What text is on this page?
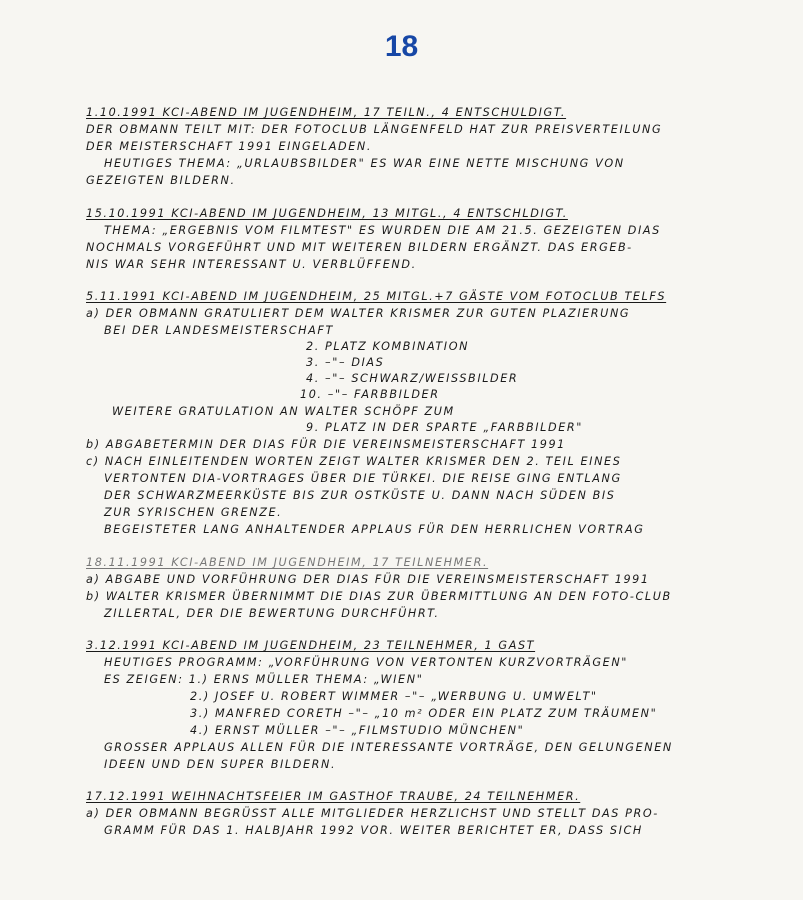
18
1.10.1991 KCI-ABEND IM JUGENDHEIM, 17 TEILN., 4 ENTSCHULDIGT.
DER OBMANN TEILT MIT: DER FOTOCLUB LÄNGENFELD HAT ZUR PREISVERTEILUNG
DER MEISTERSCHAFT 1991 EINGELADEN.
HEUTIGES THEMA: „URLAUBSBILDER" ES WAR EINE NETTE MISCHUNG VON
GEZEIGTEN BILDERN.
15.10.1991 KCI-ABEND IM JUGENDHEIM, 13 MITGL., 4 ENTSCHLDIGT.
THEMA: „ERGEBNIS VOM FILMTEST" ES WURDEN DIE AM 21.5. GEZEIGTEN DIAS
NOCHMALS VORGEFÜHRT UND MIT WEITEREN BILDERN ERGÄNZT. DAS ERGEB-
NIS WAR SEHR INTERESSANT U. VERBLÜFFEND.
5.11.1991 KCI-ABEND IM JUGENDHEIM, 25 MITGL.+7 GÄSTE VOM FOTOCLUB TELFS
a) DER OBMANN GRATULIERT DEM WALTER KRISMER ZUR GUTEN PLAZIERUNG
BEI DER LANDESMEISTERSCHAFT
2. PLATZ KOMBINATION
3. –"– DIAS
4. –"– SCHWARZ/WEISSBILDER
10. –"– FARBBILDER
WEITERE GRATULATION AN WALTER SCHÖPF ZUM
9. PLATZ IN DER SPARTE „FARBBILDER"
b) ABGABETERMIN DER DIAS FÜR DIE VEREINSMEISTERSCHAFT 1991
c) NACH EINLEITENDEN WORTEN ZEIGT WALTER KRISMER DEN 2. TEIL EINES
VERTONTEN DIA-VORTRAGES ÜBER DIE TÜRKEI. DIE REISE GING ENTLANG
DER SCHWARZMEERKÜSTE BIS ZUR OSTKÜSTE U. DANN NACH SÜDEN BIS
ZUR SYRISCHEN GRENZE.
BEGEISTETER LANG ANHALTENDER APPLAUS FÜR DEN HERRLICHEN VORTRAG
18.11.1991 KCI-ABEND IM JUGENDHEIM, 17 TEILNEHMER.
a) ABGABE UND VORFÜHRUNG DER DIAS FÜR DIE VEREINSMEISTERSCHAFT 1991
b) WALTER KRISMER ÜBERNIMMT DIE DIAS ZUR ÜBERMITTLUNG AN DEN FOTO-CLUB
ZILLERTAL, DER DIE BEWERTUNG DURCHFÜHRT.
3.12.1991 KCI-ABEND IM JUGENDHEIM, 23 TEILNEHMER, 1 GAST
HEUTIGES PROGRAMM: „VORFÜHRUNG VON VERTONTEN KURZVORTRÄGEN"
ES ZEIGEN: 1.) ERNS MÜLLER THEMA: „WIEN"
2.) JOSEF U. ROBERT WIMMER –"– „WERBUNG U. UMWELT"
3.) MANFRED CORETH –"– „10 m² ODER EIN PLATZ ZUM TRÄUMEN"
4.) ERNST MÜLLER –"– „FILMSTUDIO MÜNCHEN"
GROSSER APPLAUS ALLEN FÜR DIE INTERESSANTE VORTRÄGE, DEN GELUNGENEN
IDEEN UND DEN SUPER BILDERN.
17.12.1991 WEIHNACHTSFEIER IM GASTHOF TRAUBE, 24 TEILNEHMER.
a) DER OBMANN BEGRÜSST ALLE MITGLIEDER HERZLICHST UND STELLT DAS PRO-
GRAMM FÜR DAS 1. HALBJAHR 1992 VOR. WEITER BERICHTET ER, DASS SICH
